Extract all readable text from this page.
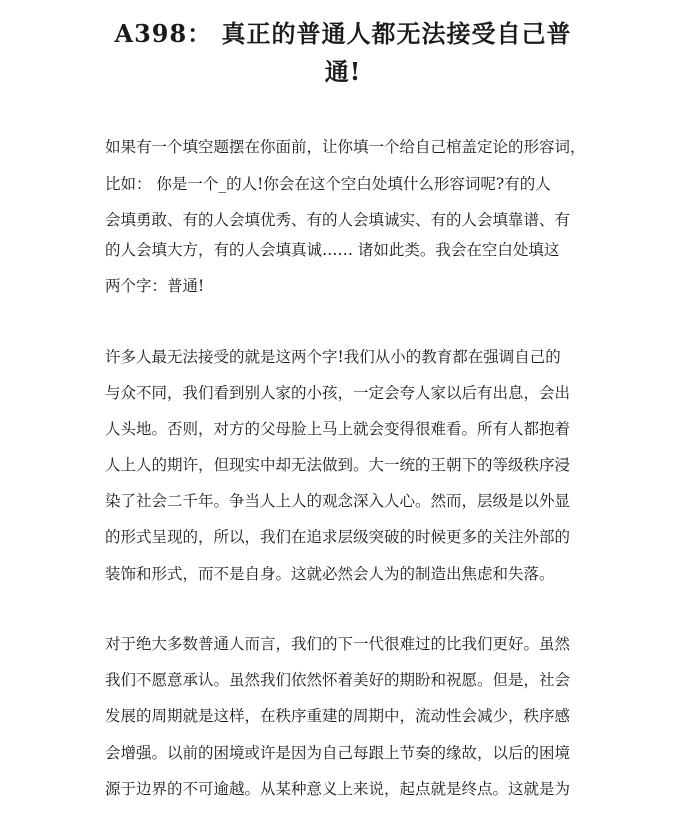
A398： 真正的普通人都无法接受自己普
通!

如果有一个填空题摆在你面前，让你填一个给自己棺盖定论的形容词，

比如： 你是一个_的人!你会在这个空白处填什么形容词呢?有的人

会填勇敢、有的人会填优秀、有的人会填诚实、有的人会填靠谱、有

的人会填大方，有的人会填真诚…… 诸如此类。我会在空白处填这

两个字：普通!

许多人最无法接受的就是这两个字!我们从小的教育都在强调自己的

与众不同，我们看到别人家的小孩，一定会夸人家以后有出息，会出

人头地。否则，对方的父母脸上马上就会变得很难看。所有人都抱着

人上人的期许，但现实中却无法做到。大一统的王朝下的等级秩序浸

染了社会二千年。争当人上人的观念深入人心。然而，层级是以外显

的形式呈现的，所以，我们在追求层级突破的时候更多的关注外部的

装饰和形式，而不是自身。这就必然会人为的制造出焦虑和失落。

对于绝大多数普通人而言，我们的下一代很难过的比我们更好。虽然

我们不愿意承认。虽然我们依然怀着美好的期盼和祝愿。但是，社会

发展的周期就是这样，在秩序重建的周期中，流动性会减少，秩序感

会增强。以前的困境或许是因为自己每跟上节奏的缘故，以后的困境

源于边界的不可逾越。从某种意义上来说，起点就是终点。这就是为
